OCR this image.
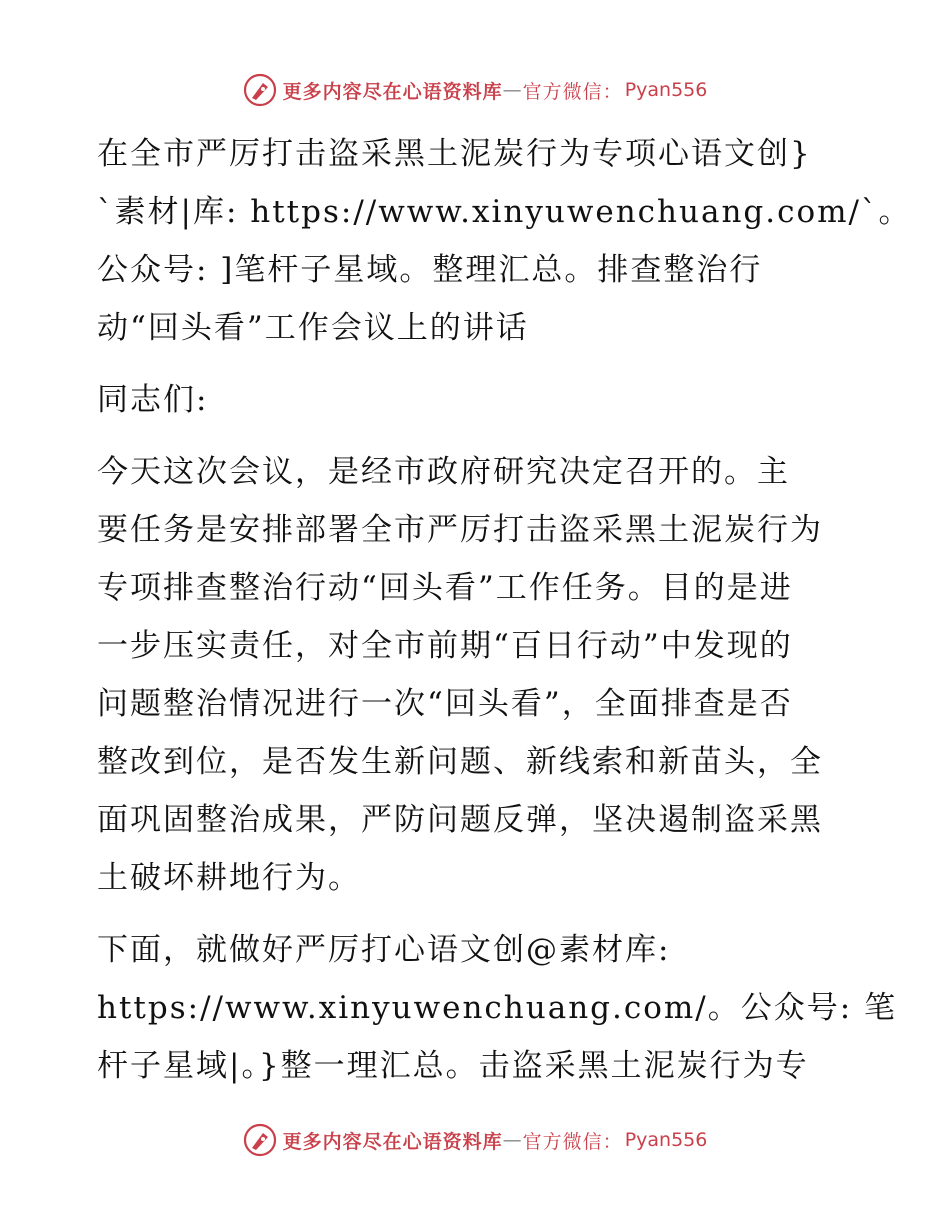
更多内容尽在心语资料库 — 官方微信： Pyan556

在全市严厉打击盗采黑土泥炭行为专项心语文创}
`素材|库: https://www.xinyuwenchuang.com/`。
公众号: ]笔杆子星域。整理汇总。排查整治行
动“回头看”工作会议上的讲话

同志们:

今天这次会议，是经市政府研究决定召开的。主
要任务是安排部署全市严厉打击盗采黑土泥炭行为
专项排查整治行动“回头看”工作任务。目的是进
一步压实责任，对全市前期“百日行动”中发现的
问题整治情况进行一次“回头看”，全面排查是否
整改到位，是否发生新问题、新线索和新苗头，全
面巩固整治成果，严防问题反弹，坚决遏制盗采黑
土破坏耕地行为。

下面，就做好严厉打心语文创@素材库:
https://www.xinyuwenchuang.com/。公众号: 笔
杆子星域|。}整一理汇总。击盗采黑土泥炭行为专

更多内容尽在心语资料库 — 官方微信： Pyan556
